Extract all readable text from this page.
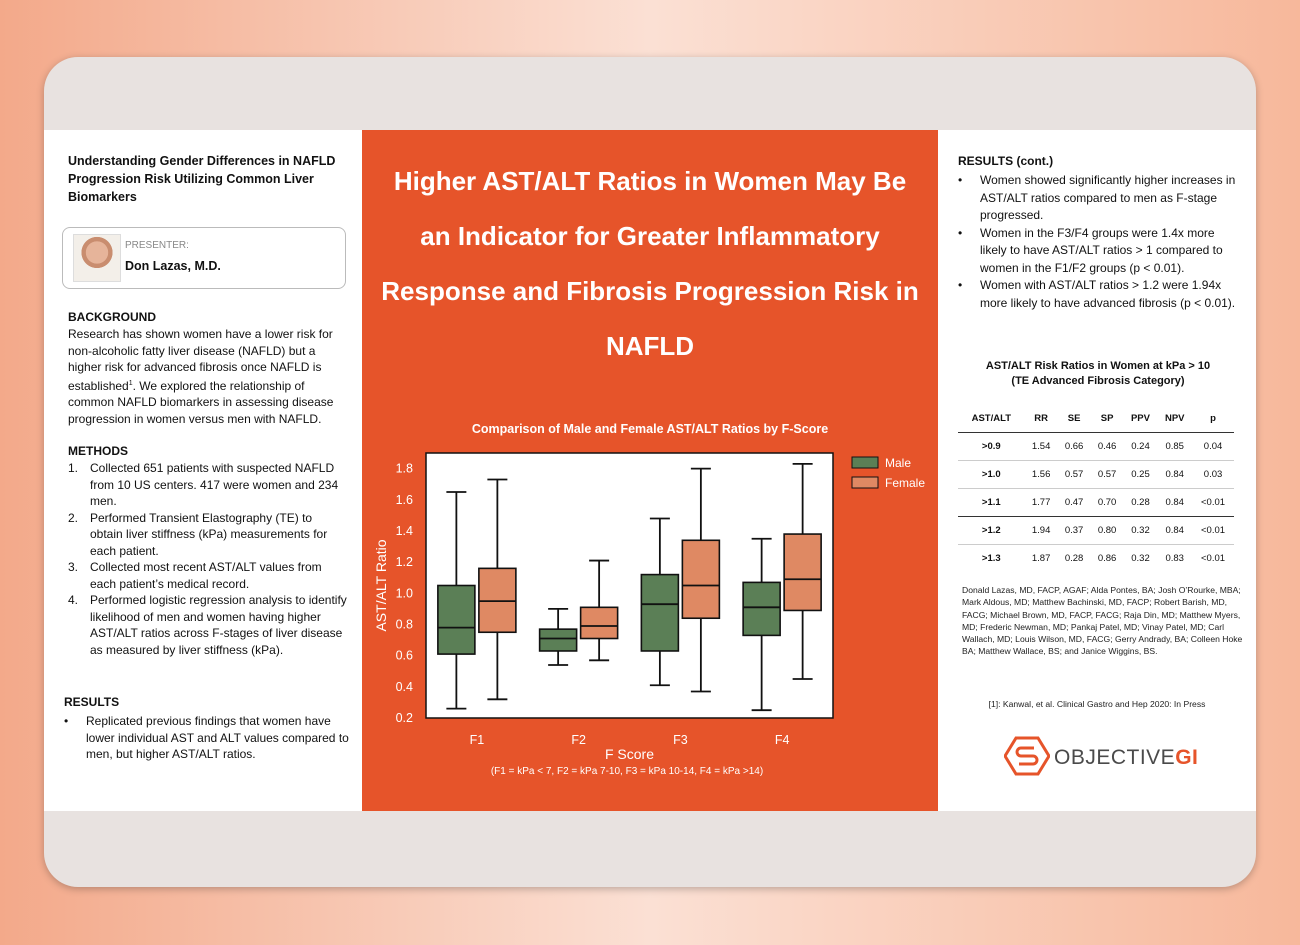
Understanding Gender Differences in NAFLD Progression Risk Utilizing Common Liver Biomarkers
PRESENTER:
Don Lazas, M.D.
BACKGROUND
Research has shown women have a lower risk for non-alcoholic fatty liver disease (NAFLD) but a higher risk for advanced fibrosis once NAFLD is established$^1$. We explored the relationship of common NAFLD biomarkers in assessing disease progression in women versus men with NAFLD.
METHODS
1. Collected 651 patients with suspected NAFLD from 10 US centers. 417 were women and 234 men.
2. Performed Transient Elastography (TE) to obtain liver stiffness (kPa) measurements for each patient.
3. Collected most recent AST/ALT values from each patient’s medical record.
4. Performed logistic regression analysis to identify likelihood of men and women having higher AST/ALT ratios across F-stages of liver disease as measured by liver stiffness (kPa).
RESULTS
• Replicated previous findings that women have lower individual AST and ALT values compared to men, but higher AST/ALT ratios.
Higher AST/ALT Ratios in Women May Be an Indicator for Greater Inflammatory Response and Fibrosis Progression Risk in NAFLD
Comparison of Male and Female AST/ALT Ratios by F-Score
0.2
0.4
0.6
0.8
1.0
1.2
1.4
1.6
1.8
F1	F2	F3	F4
F Score
AST/ALT Ratio
Male
Female
(F1 = kPa < 7, F2 = kPa 7-10, F3 = kPa 10-14, F4 = kPa >14)
RESULTS (cont.)
• Women showed significantly higher increases in AST/ALT ratios compared to men as F-stage progressed.
• Women in the F3/F4 groups were 1.4x more likely to have AST/ALT ratios > 1 compared to women in the F1/F2 groups (p < 0.01).
• Women with AST/ALT ratios > 1.2 were 1.94x more likely to have advanced fibrosis (p < 0.01).
AST/ALT Risk Ratios in Women at kPa > 10
(TE Advanced Fibrosis Category)
AST/ALT	RR	SE	SP	PPV	NPV	p
>0.9	1.54	0.66	0.46	0.24	0.85	0.04
>1.0	1.56	0.57	0.57	0.25	0.84	0.03
>1.1	1.77	0.47	0.70	0.28	0.84	<0.01
>1.2	1.94	0.37	0.80	0.32	0.84	<0.01
>1.3	1.87	0.28	0.86	0.32	0.83	<0.01
Donald Lazas, MD, FACP, AGAF; Alda Pontes, BA; Josh O’Rourke, MBA; Mark Aldous, MD; Matthew Bachinski, MD, FACP; Robert Barish, MD, FACG; Michael Brown, MD, FACP, FACG; Raja Din, MD; Matthew Myers, MD; Frederic Newman, MD; Pankaj Patel, MD; Vinay Patel, MD; Carl Wallach, MD; Louis Wilson, MD, FACG; Gerry Andrady, BA; Colleen Hoke BA; Matthew Wallace, BS; and Janice Wiggins, BS.
[1]: Kanwal, et al. Clinical Gastro and Hep 2020: In Press
OBJECTIVEGI
